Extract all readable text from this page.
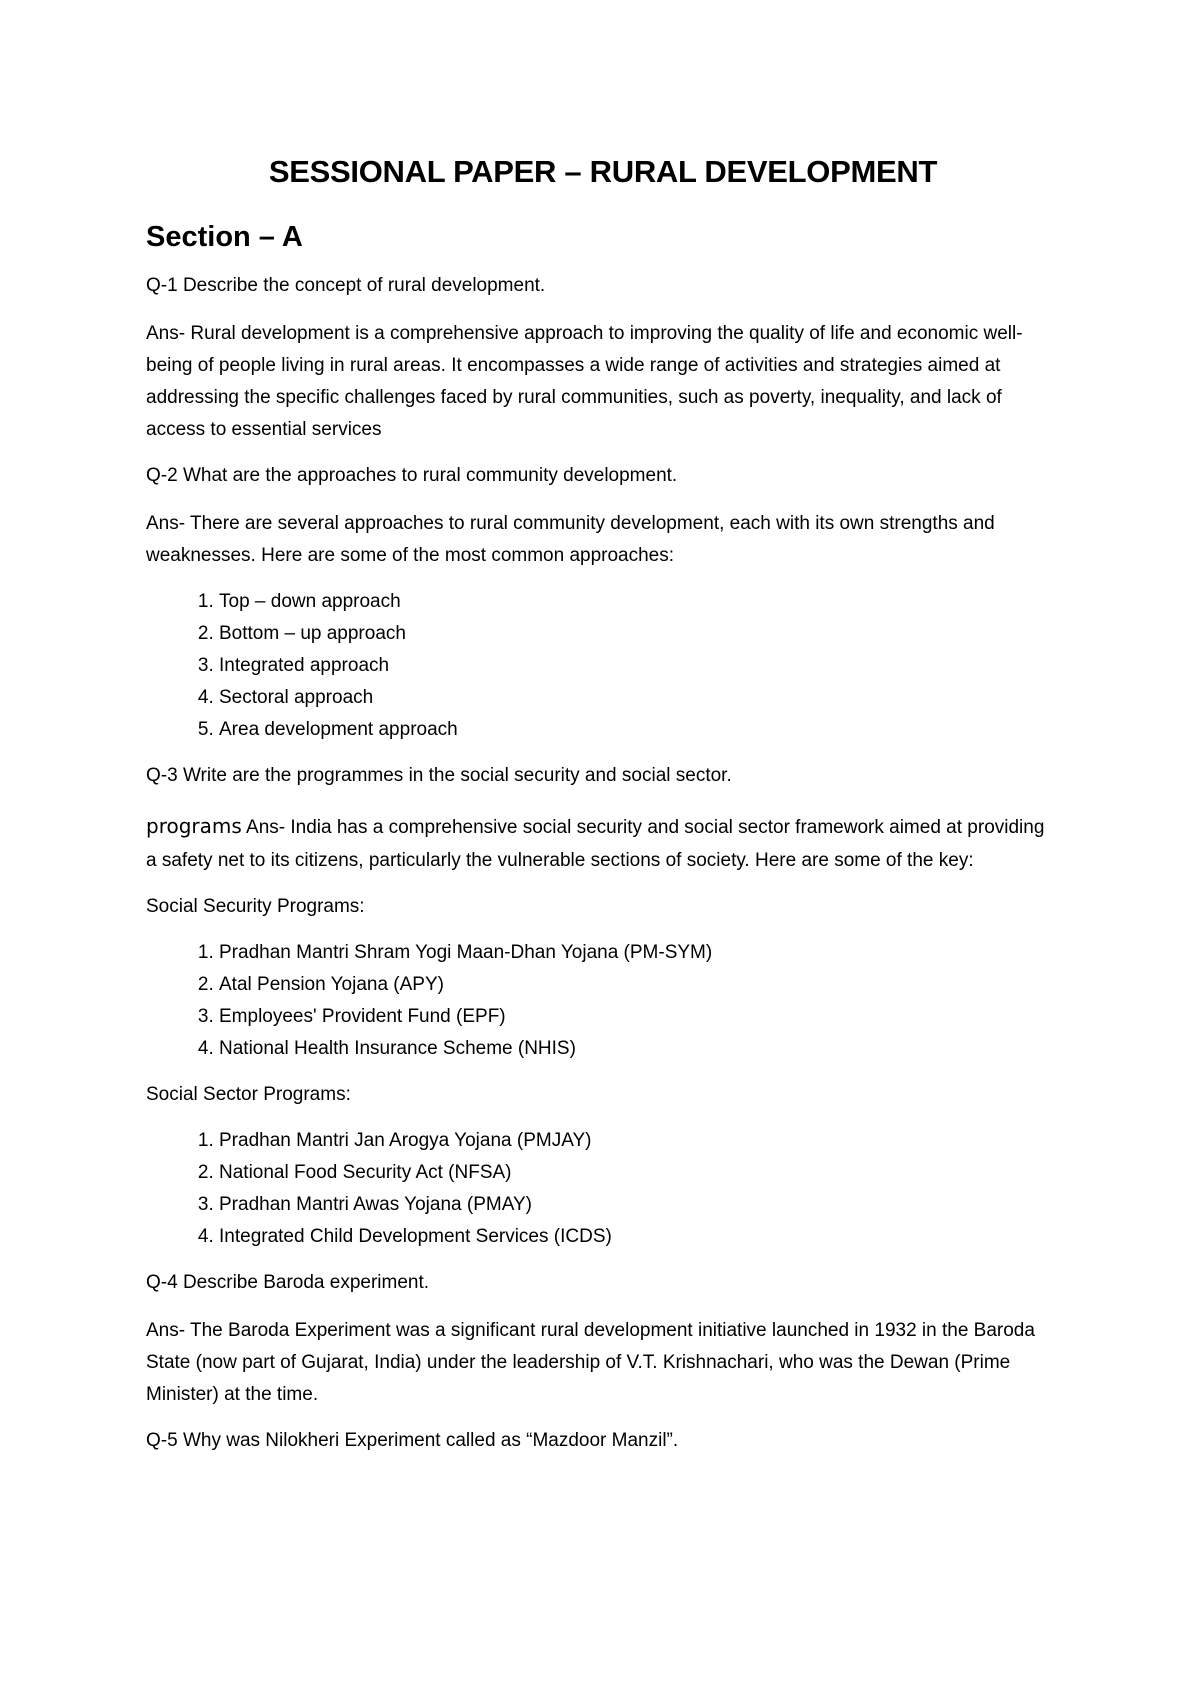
SESSIONAL PAPER – RURAL DEVELOPMENT
Section – A

Q-1 Describe the concept of rural development.

Ans- Rural development is a comprehensive approach to improving the quality of life and economic well-being of people living in rural areas. It encompasses a wide range of activities and strategies aimed at addressing the specific challenges faced by rural communities, such as poverty, inequality, and lack of access to essential services

Q-2 What are the approaches to rural community development.

Ans- There are several approaches to rural community development, each with its own strengths and weaknesses. Here are some of the most common approaches:

1. Top – down approach
2. Bottom – up approach
3. Integrated approach
4. Sectoral approach
5. Area development approach

Q-3 Write are the programmes in the social security and social sector.

programs Ans- India has a comprehensive social security and social sector framework aimed at providing a safety net to its citizens, particularly the vulnerable sections of society. Here are some of the key:

Social Security Programs:

1. Pradhan Mantri Shram Yogi Maan-Dhan Yojana (PM-SYM)
2. Atal Pension Yojana (APY)
3. Employees' Provident Fund (EPF)
4. National Health Insurance Scheme (NHIS)

Social Sector Programs:

1. Pradhan Mantri Jan Arogya Yojana (PMJAY)
2. National Food Security Act (NFSA)
3. Pradhan Mantri Awas Yojana (PMAY)
4. Integrated Child Development Services (ICDS)

Q-4 Describe Baroda experiment.

Ans- The Baroda Experiment was a significant rural development initiative launched in 1932 in the Baroda State (now part of Gujarat, India) under the leadership of V.T. Krishnachari, who was the Dewan (Prime Minister) at the time.

Q-5 Why was Nilokheri Experiment called as “Mazdoor Manzil”.
